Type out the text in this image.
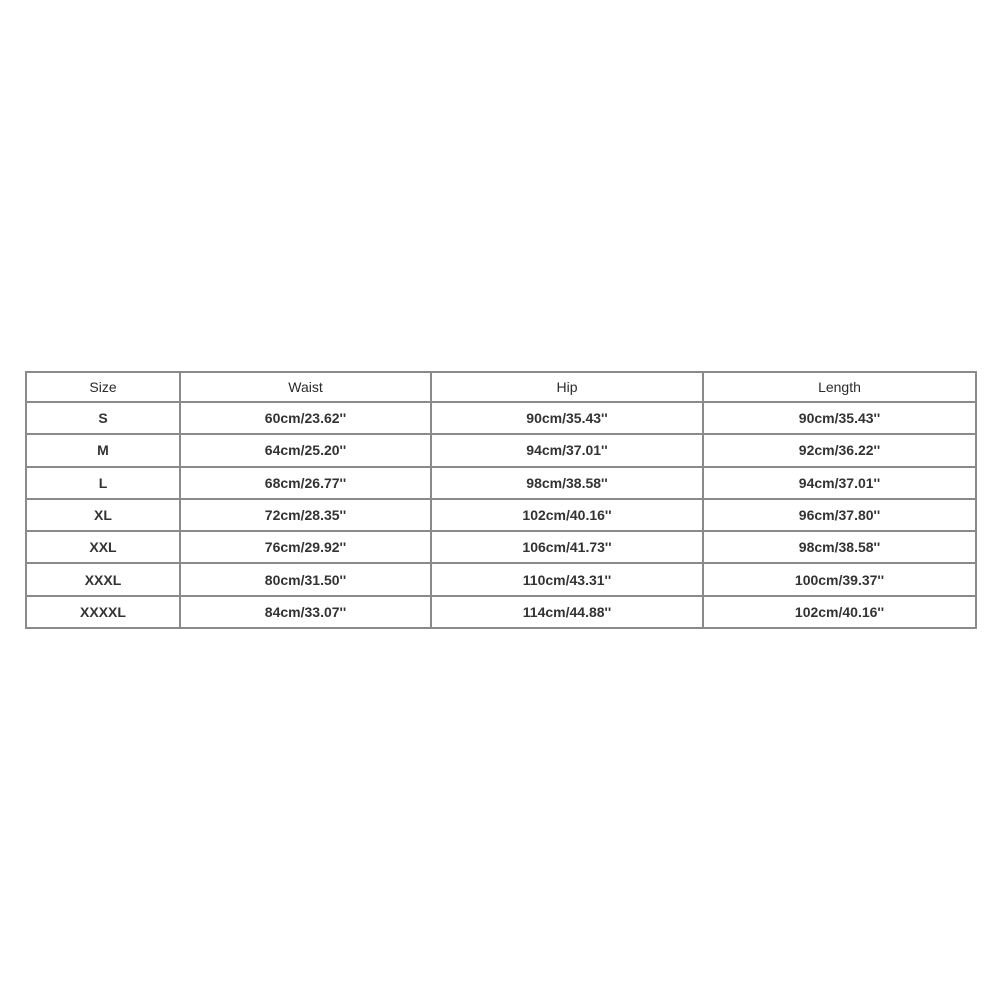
Size	Waist	Hip	Length
S	60cm/23.62''	90cm/35.43''	90cm/35.43''
M	64cm/25.20''	94cm/37.01''	92cm/36.22''
L	68cm/26.77''	98cm/38.58''	94cm/37.01''
XL	72cm/28.35''	102cm/40.16''	96cm/37.80''
XXL	76cm/29.92''	106cm/41.73''	98cm/38.58''
XXXL	80cm/31.50''	110cm/43.31''	100cm/39.37''
XXXXL	84cm/33.07''	114cm/44.88''	102cm/40.16''
